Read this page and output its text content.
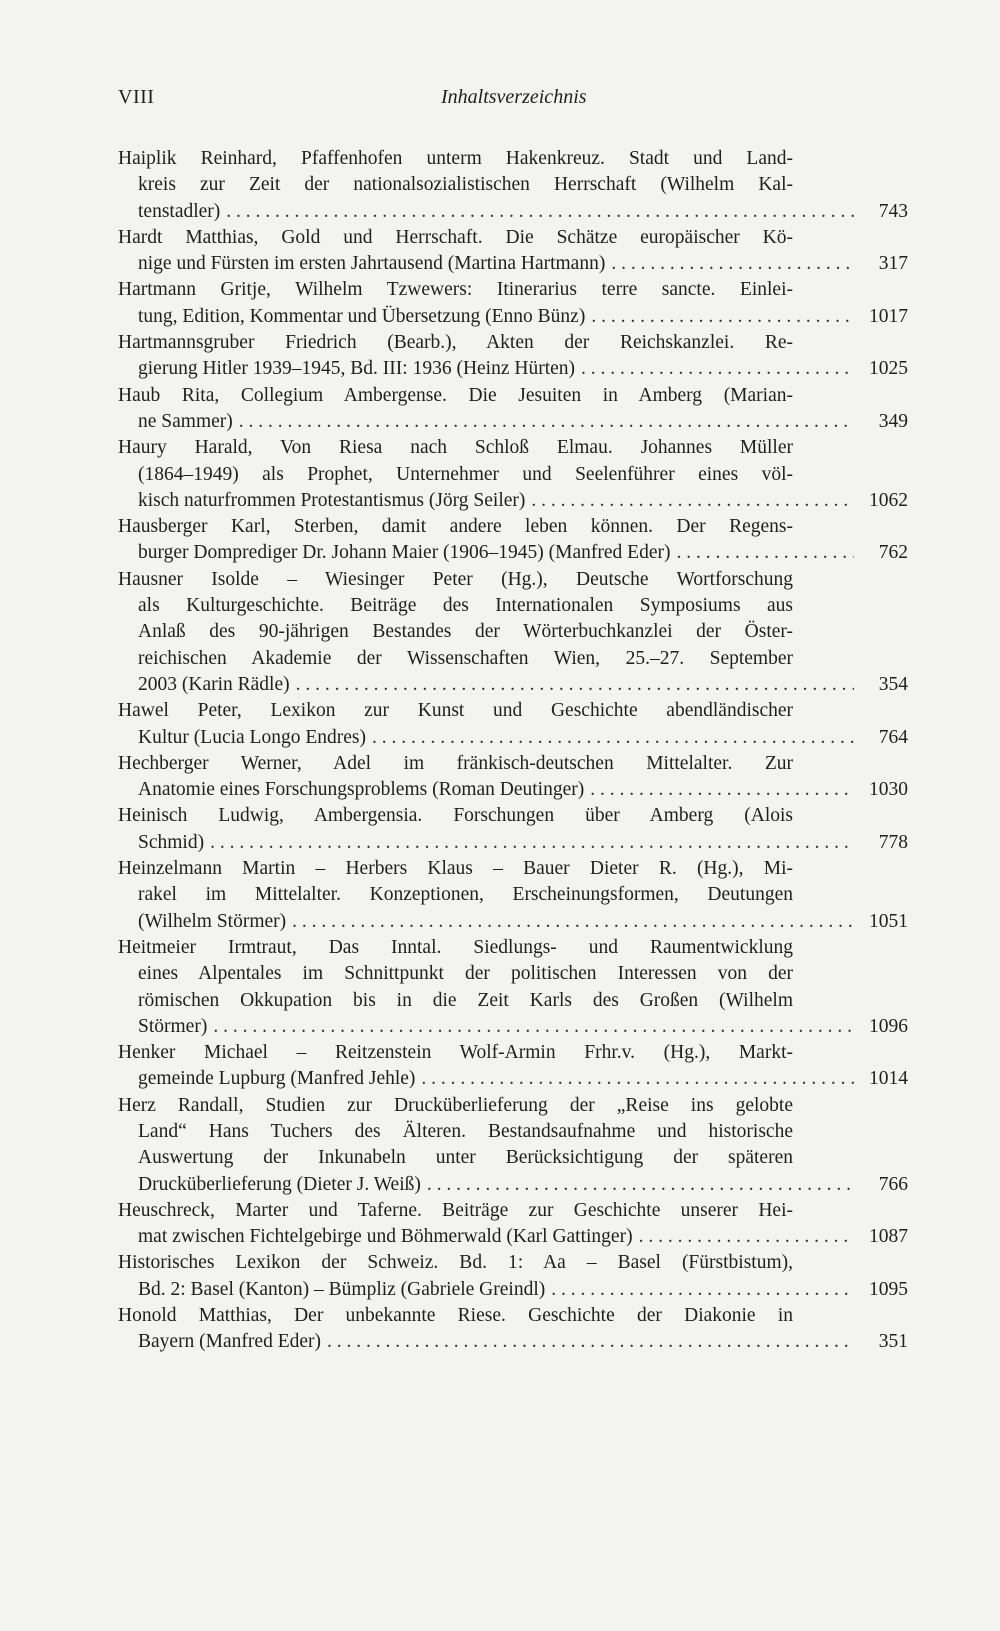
VIII	Inhaltsverzeichnis
Haiplik Reinhard, Pfaffenhofen unterm Hakenkreuz. Stadt und Land-
kreis zur Zeit der nationalsozialistischen Herrschaft (Wilhelm Kal-
tenstadler) . . .	743
Hardt Matthias, Gold und Herrschaft. Die Schätze europäischer Kö-
nige und Fürsten im ersten Jahrtausend (Martina Hartmann) . . .	317
Hartmann Gritje, Wilhelm Tzwewers: Itinerarius terre sancte. Einlei-
tung, Edition, Kommentar und Übersetzung (Enno Bünz) . . .	1017
Hartmannsgruber Friedrich (Bearb.), Akten der Reichskanzlei. Re-
gierung Hitler 1939–1945, Bd. III: 1936 (Heinz Hürten) . . .	1025
Haub Rita, Collegium Ambergense. Die Jesuiten in Amberg (Marian-
ne Sammer) . . .	349
Haury Harald, Von Riesa nach Schloß Elmau. Johannes Müller
(1864–1949) als Prophet, Unternehmer und Seelenführer eines völ-
kisch naturfrommen Protestantismus (Jörg Seiler) . . .	1062
Hausberger Karl, Sterben, damit andere leben können. Der Regens-
burger Domprediger Dr. Johann Maier (1906–1945) (Manfred Eder) . . .	762
Hausner Isolde – Wiesinger Peter (Hg.), Deutsche Wortforschung
als Kulturgeschichte. Beiträge des Internationalen Symposiums aus
Anlaß des 90-jährigen Bestandes der Wörterbuchkanzlei der Öster-
reichischen Akademie der Wissenschaften Wien, 25.–27. September
2003 (Karin Rädle) . . .	354
Hawel Peter, Lexikon zur Kunst und Geschichte abendländischer
Kultur (Lucia Longo Endres) . . .	764
Hechberger Werner, Adel im fränkisch-deutschen Mittelalter. Zur
Anatomie eines Forschungsproblems (Roman Deutinger) . . .	1030
Heinisch Ludwig, Ambergensia. Forschungen über Amberg (Alois
Schmid) . . .	778
Heinzelmann Martin – Herbers Klaus – Bauer Dieter R. (Hg.), Mi-
rakel im Mittelalter. Konzeptionen, Erscheinungsformen, Deutungen
(Wilhelm Störmer) . . .	1051
Heitmeier Irmtraut, Das Inntal. Siedlungs- und Raumentwicklung
eines Alpentales im Schnittpunkt der politischen Interessen von der
römischen Okkupation bis in die Zeit Karls des Großen (Wilhelm
Störmer) . . .	1096
Henker Michael – Reitzenstein Wolf-Armin Frhr.v. (Hg.), Markt-
gemeinde Lupburg (Manfred Jehle) . . .	1014
Herz Randall, Studien zur Drucküberlieferung der „Reise ins gelobte
Land“ Hans Tuchers des Älteren. Bestandsaufnahme und historische
Auswertung der Inkunabeln unter Berücksichtigung der späteren
Drucküberlieferung (Dieter J. Weiß) . . .	766
Heuschreck, Marter und Taferne. Beiträge zur Geschichte unserer Hei-
mat zwischen Fichtelgebirge und Böhmerwald (Karl Gattinger) . . .	1087
Historisches Lexikon der Schweiz. Bd. 1: Aa – Basel (Fürstbistum),
Bd. 2: Basel (Kanton) – Bümpliz (Gabriele Greindl) . . .	1095
Honold Matthias, Der unbekannte Riese. Geschichte der Diakonie in
Bayern (Manfred Eder) . . .	351
